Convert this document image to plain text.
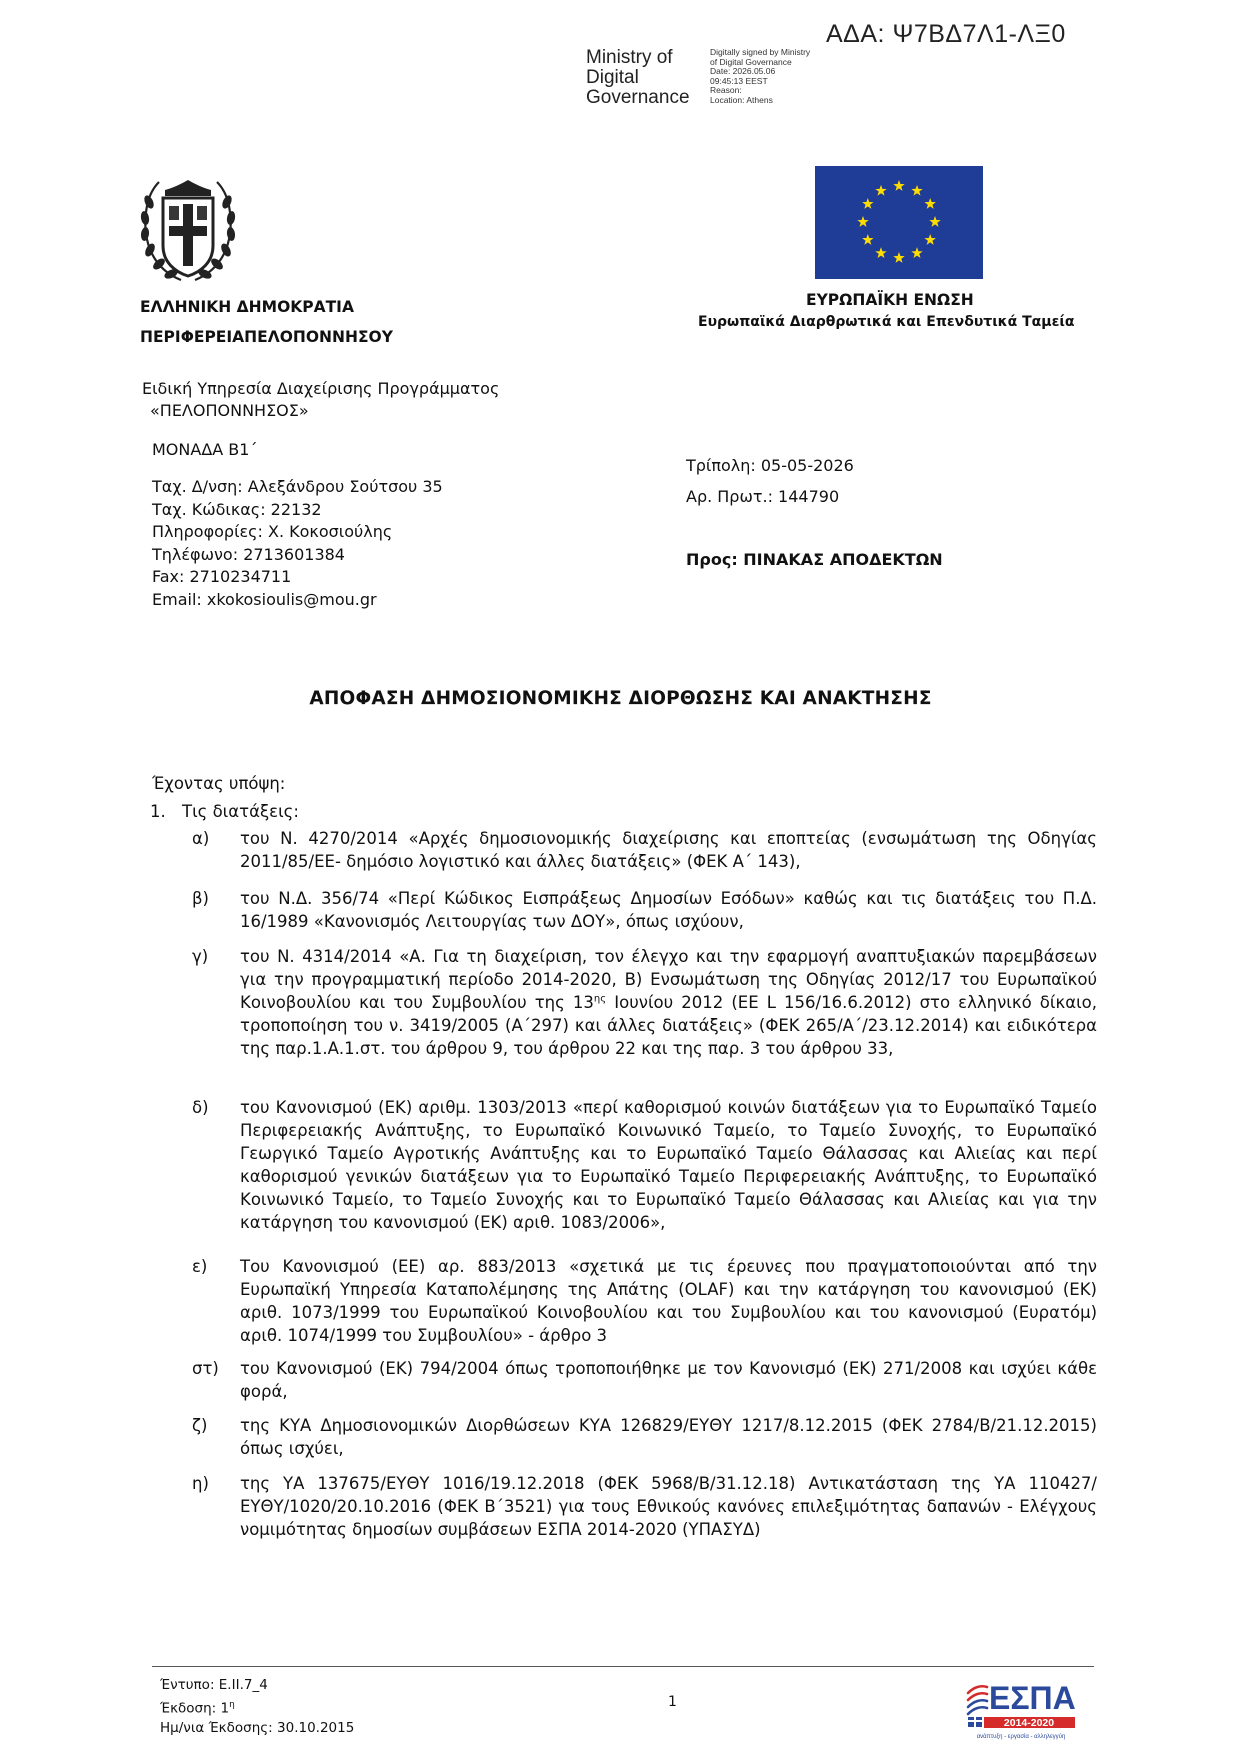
ΑΔΑ: Ψ7ΒΔ7Λ1-ΛΞ0
Ministry of
Digital
Governance
Digitally signed by Ministry
of Digital Governance
Date: 2026.05.06
09:45:13 EEST
Reason:
Location: Athens
ΕΛΛΗΝΙΚΗ ΔΗΜΟΚΡΑΤΙΑ
ΠΕΡΙΦΕΡΕΙΑΠΕΛΟΠΟΝΝΗΣΟΥ
ΕΥΡΩΠΑΪΚΗ ΕΝΩΣΗ
Ευρωπαϊκά Διαρθρωτικά και Επενδυτικά Ταμεία
Ειδική Υπηρεσία Διαχείρισης Προγράμματος
«ΠΕΛΟΠΟΝΝΗΣΟΣ»
ΜΟΝΑΔΑ Β1΄
Ταχ. Δ/νση: Αλεξάνδρου Σούτσου 35
Ταχ. Κώδικας: 22132
Πληροφορίες: Χ. Κοκοσιούλης
Τηλέφωνο: 2713601384
Fax: 2710234711
Email: xkokosioulis@mou.gr
Τρίπολη: 05-05-2026
Αρ. Πρωτ.: 144790
Προς: ΠΙΝΑΚΑΣ ΑΠΟΔΕΚΤΩΝ
ΑΠΟΦΑΣΗ ΔΗΜΟΣΙΟΝΟΜΙΚΗΣ ΔΙΟΡΘΩΣΗΣ ΚΑΙ ΑΝΑΚΤΗΣΗΣ
Έχοντας υπόψη:
1. Τις διατάξεις:
α) του Ν. 4270/2014 «Αρχές δημοσιονομικής διαχείρισης και εποπτείας (ενσωμάτωση της Οδηγίας 2011/85/ΕΕ- δημόσιο λογιστικό και άλλες διατάξεις» (ΦΕΚ Α΄ 143),
β) του Ν.Δ. 356/74 «Περί Κώδικος Εισπράξεως Δημοσίων Εσόδων» καθώς και τις διατάξεις του Π.Δ. 16/1989 «Κανονισμός Λειτουργίας των ΔΟΥ», όπως ισχύουν,
γ) του Ν. 4314/2014 «Α. Για τη διαχείριση, τον έλεγχο και την εφαρμογή αναπτυξιακών παρεμβάσεων για την προγραμματική περίοδο 2014-2020, Β) Ενσωμάτωση της Οδηγίας 2012/17 του Ευρωπαϊκού Κοινοβουλίου και του Συμβουλίου της $13^{\eta\varsigma}$ Ιουνίου 2012 (ΕΕ L 156/16.6.2012) στο ελληνικό δίκαιο, τροποποίηση του ν. 3419/2005 (Α΄297) και άλλες διατάξεις» (ΦΕΚ 265/Α΄/23.12.2014) και ειδικότερα της παρ.1.Α.1.στ. του άρθρου 9, του άρθρου 22 και της παρ. 3 του άρθρου 33,
δ) του Κανονισμού (ΕΚ) αριθμ. 1303/2013 «περί καθορισμού κοινών διατάξεων για το Ευρωπαϊκό Ταμείο Περιφερειακής Ανάπτυξης, το Ευρωπαϊκό Κοινωνικό Ταμείο, το Ταμείο Συνοχής, το Ευρωπαϊκό Γεωργικό Ταμείο Αγροτικής Ανάπτυξης και το Ευρωπαϊκό Ταμείο Θάλασσας και Αλιείας και περί καθορισμού γενικών διατάξεων για το Ευρωπαϊκό Ταμείο Περιφερειακής Ανάπτυξης, το Ευρωπαϊκό Κοινωνικό Ταμείο, το Ταμείο Συνοχής και το Ευρωπαϊκό Ταμείο Θάλασσας και Αλιείας και για την κατάργηση του κανονισμού (ΕΚ) αριθ. 1083/2006»,
ε) Του Κανονισμού (ΕΕ) αρ. 883/2013 «σχετικά με τις έρευνες που πραγματοποιούνται από την Ευρωπαϊκή Υπηρεσία Καταπολέμησης της Απάτης (OLAF) και την κατάργηση του κανονισμού (ΕΚ) αριθ. 1073/1999 του Ευρωπαϊκού Κοινοβουλίου και του Συμβουλίου και του κανονισμού (Ευρατόμ) αριθ. 1074/1999 του Συμβουλίου» - άρθρο 3
στ) του Κανονισμού (ΕΚ) 794/2004 όπως τροποποιήθηκε με τον Κανονισμό (ΕΚ) 271/2008 και ισχύει κάθε φορά,
ζ) της ΚΥΑ Δημοσιονομικών Διορθώσεων ΚΥΑ 126829/ΕΥΘΥ 1217/8.12.2015 (ΦΕΚ 2784/Β/21.12.2015) όπως ισχύει,
η) της ΥΑ 137675/ΕΥΘΥ 1016/19.12.2018 (ΦΕΚ 5968/Β/31.12.18) Αντικατάσταση της ΥΑ 110427/ΕΥΘΥ/1020/20.10.2016 (ΦΕΚ Β΄3521) για τους Εθνικούς κανόνες επιλεξιμότητας δαπανών - Ελέγχους νομιμότητας δημοσίων συμβάσεων ΕΣΠΑ 2014-2020 (ΥΠΑΣΥΔ)
Έντυπο: Ε.ΙΙ.7_4
Έκδοση: $1^\eta$
Ημ/νια Έκδοσης: 30.10.2015
1	ΕΣΠΑ
2014-2020
ανάπτυξη - εργασία - αλληλεγγύη
